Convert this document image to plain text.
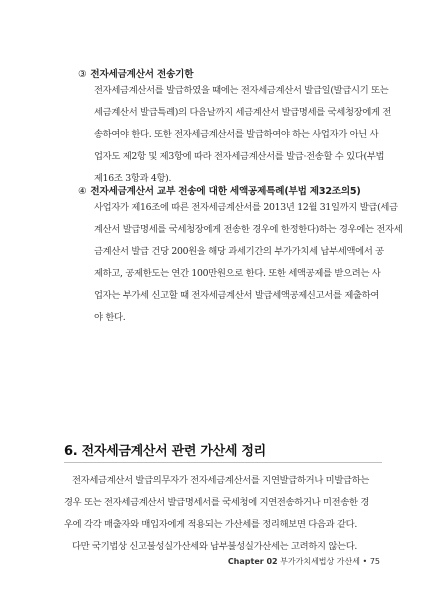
③ 전자세금계산서 전송기한
전자세금계산서를 발급하였을 때에는 전자세금계산서 발급일(발급시기 또는
세금계산서 발급특례)의 다음날까지 세금계산서 발급명세를 국세청장에게 전
송하여야 한다. 또한 전자세금계산서를 발급하여야 하는 사업자가 아닌 사
업자도 제2항 및 제3항에 따라 전자세금계산서를 발급·전송할 수 있다(부법
제16조 3항과 4항).
④ 전자세금계산서 교부 전송에 대한 세액공제특례(부법 제32조의5)
사업자가 제16조에 따른 전자세금계산서를 2013년 12월 31일까지 발급(세금
계산서 발급명세를 국세청장에게 전송한 경우에 한정한다)하는 경우에는 전자세
금계산서 발급 건당 200원을 해당 과세기간의 부가가치세 납부세액에서 공
제하고, 공제한도는 연간 100만원으로 한다. 또한 세액공제를 받으려는 사
업자는 부가세 신고할 때 전자세금계산서 발급세액공제신고서를 제출하여
야 한다.
6. 전자세금계산서 관련 가산세 정리
전자세금계산서 발급의무자가 전자세금계산서를 지연발급하거나 미발급하는
경우 또는 전자세금계산서 발급명세서를 국세청에 지연전송하거나 미전송한 경
우에 각각 매출자와 매입자에게 적용되는 가산세를 정리해보면 다음과 같다.
다만 국기법상 신고불성실가산세와 납부불성실가산세는 고려하지 않는다.
Chapter 02 부가가치세법상 가산세 • 75
